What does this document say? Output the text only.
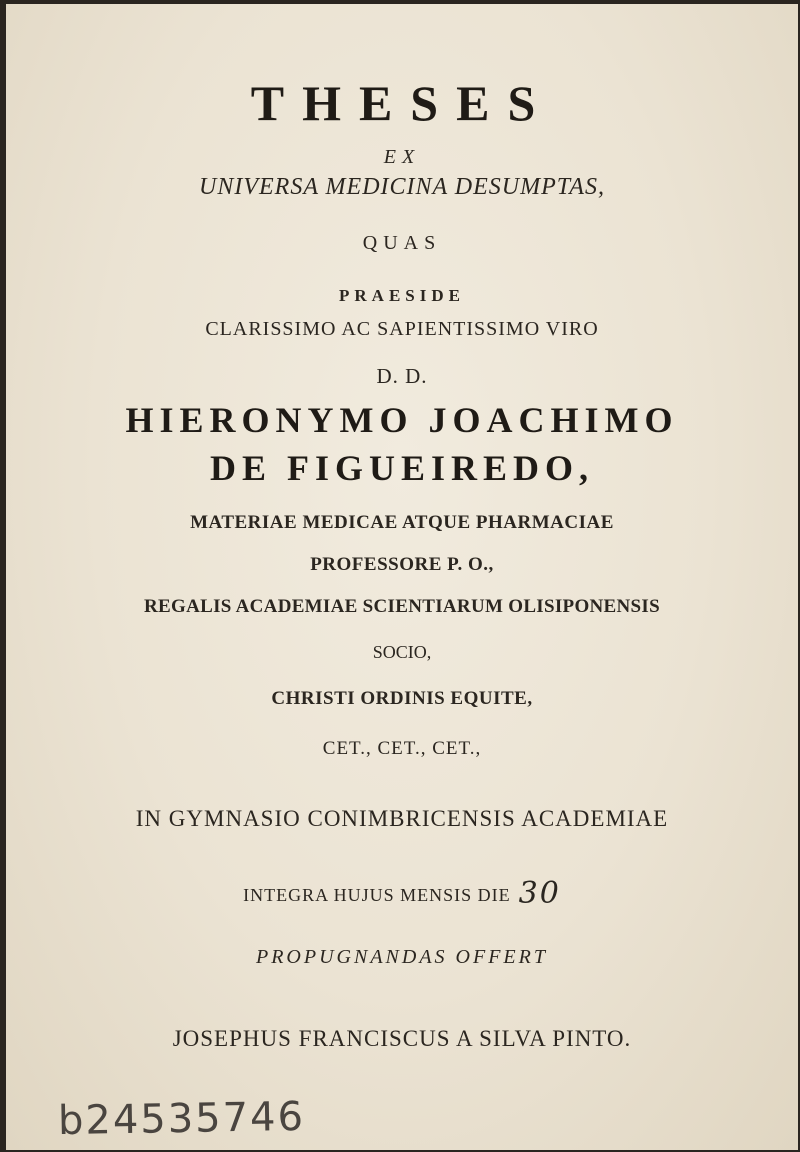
THESES

EX

UNIVERSA MEDICINA DESUMPTAS,

QUAS

PRAESIDE

CLARISSIMO AC SAPIENTISSIMO VIRO

D. D.

HIERONYMO JOACHIMO

DE FIGUEIREDO,

MATERIAE MEDICAE ATQUE PHARMACIAE

PROFESSORE P. O.,

REGALIS ACADEMIAE SCIENTIARUM OLISIPONENSIS

SOCIO,

CHRISTI ORDINIS EQUITE,

CET., CET., CET.,

IN GYMNASIO CONIMBRICENSIS ACADEMIAE

INTEGRA HUJUS MENSIS DIE 30

PROPUGNANDAS OFFERT

JOSEPHUS FRANCISCUS A SILVA PINTO.

b24535746
